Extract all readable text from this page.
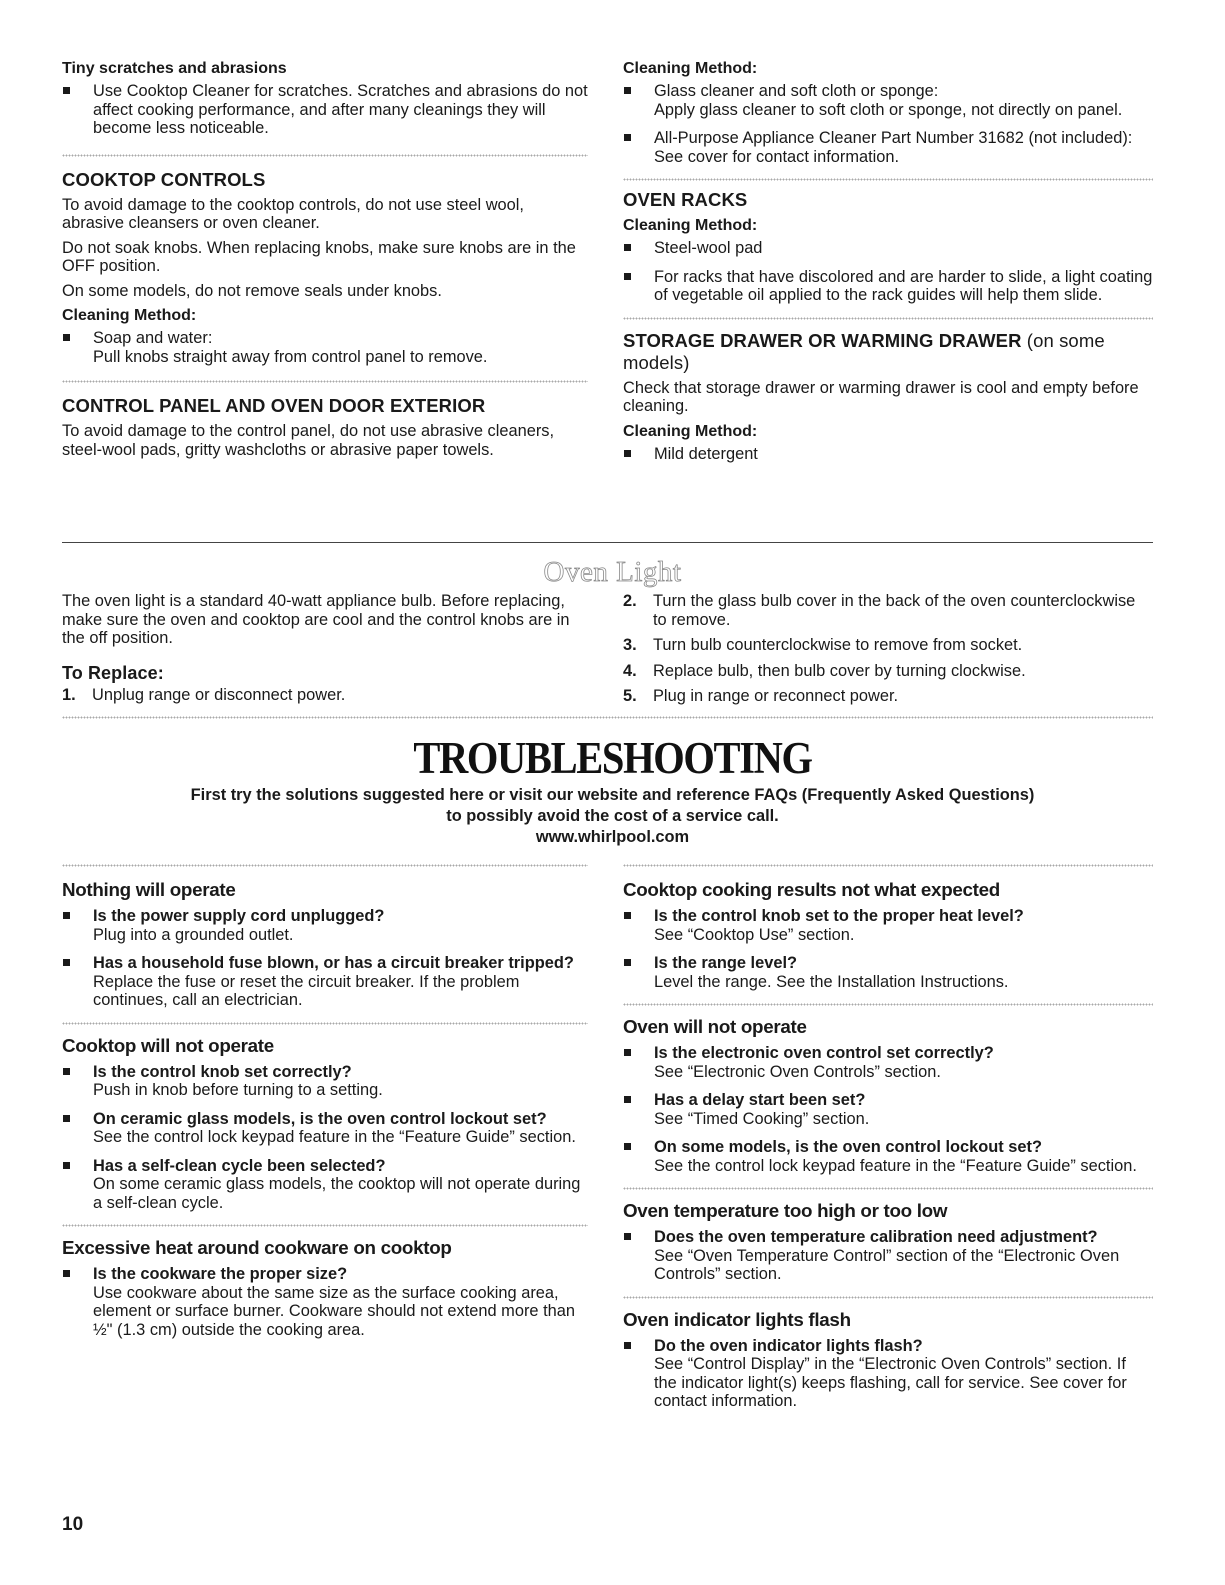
Tiny scratches and abrasions
Use Cooktop Cleaner for scratches. Scratches and abrasions do not affect cooking performance, and after many cleanings they will become less noticeable.
COOKTOP CONTROLS
To avoid damage to the cooktop controls, do not use steel wool, abrasive cleansers or oven cleaner.
Do not soak knobs. When replacing knobs, make sure knobs are in the OFF position.
On some models, do not remove seals under knobs.
Cleaning Method:
Soap and water:
Pull knobs straight away from control panel to remove.
CONTROL PANEL AND OVEN DOOR EXTERIOR
To avoid damage to the control panel, do not use abrasive cleaners, steel-wool pads, gritty washcloths or abrasive paper towels.
Cleaning Method:
Glass cleaner and soft cloth or sponge:
Apply glass cleaner to soft cloth or sponge, not directly on panel.
All-Purpose Appliance Cleaner Part Number 31682 (not included):
See cover for contact information.
OVEN RACKS
Cleaning Method:
Steel-wool pad
For racks that have discolored and are harder to slide, a light coating of vegetable oil applied to the rack guides will help them slide.
STORAGE DRAWER OR WARMING DRAWER (on some models)
Check that storage drawer or warming drawer is cool and empty before cleaning.
Cleaning Method:
Mild detergent
Oven Light
The oven light is a standard 40-watt appliance bulb. Before replacing, make sure the oven and cooktop are cool and the control knobs are in the off position.
To Replace:
1. Unplug range or disconnect power.
2. Turn the glass bulb cover in the back of the oven counterclockwise to remove.
3. Turn bulb counterclockwise to remove from socket.
4. Replace bulb, then bulb cover by turning clockwise.
5. Plug in range or reconnect power.
TROUBLESHOOTING
First try the solutions suggested here or visit our website and reference FAQs (Frequently Asked Questions)
to possibly avoid the cost of a service call.
www.whirlpool.com
Nothing will operate
Is the power supply cord unplugged?
Plug into a grounded outlet.
Has a household fuse blown, or has a circuit breaker tripped?
Replace the fuse or reset the circuit breaker. If the problem continues, call an electrician.
Cooktop will not operate
Is the control knob set correctly?
Push in knob before turning to a setting.
On ceramic glass models, is the oven control lockout set?
See the control lock keypad feature in the “Feature Guide” section.
Has a self-clean cycle been selected?
On some ceramic glass models, the cooktop will not operate during a self-clean cycle.
Excessive heat around cookware on cooktop
Is the cookware the proper size?
Use cookware about the same size as the surface cooking area, element or surface burner. Cookware should not extend more than ½" (1.3 cm) outside the cooking area.
Cooktop cooking results not what expected
Is the control knob set to the proper heat level?
See “Cooktop Use” section.
Is the range level?
Level the range. See the Installation Instructions.
Oven will not operate
Is the electronic oven control set correctly?
See “Electronic Oven Controls” section.
Has a delay start been set?
See “Timed Cooking” section.
On some models, is the oven control lockout set?
See the control lock keypad feature in the “Feature Guide” section.
Oven temperature too high or too low
Does the oven temperature calibration need adjustment?
See “Oven Temperature Control” section of the “Electronic Oven Controls” section.
Oven indicator lights flash
Do the oven indicator lights flash?
See “Control Display” in the “Electronic Oven Controls” section. If the indicator light(s) keeps flashing, call for service. See cover for contact information.
10
